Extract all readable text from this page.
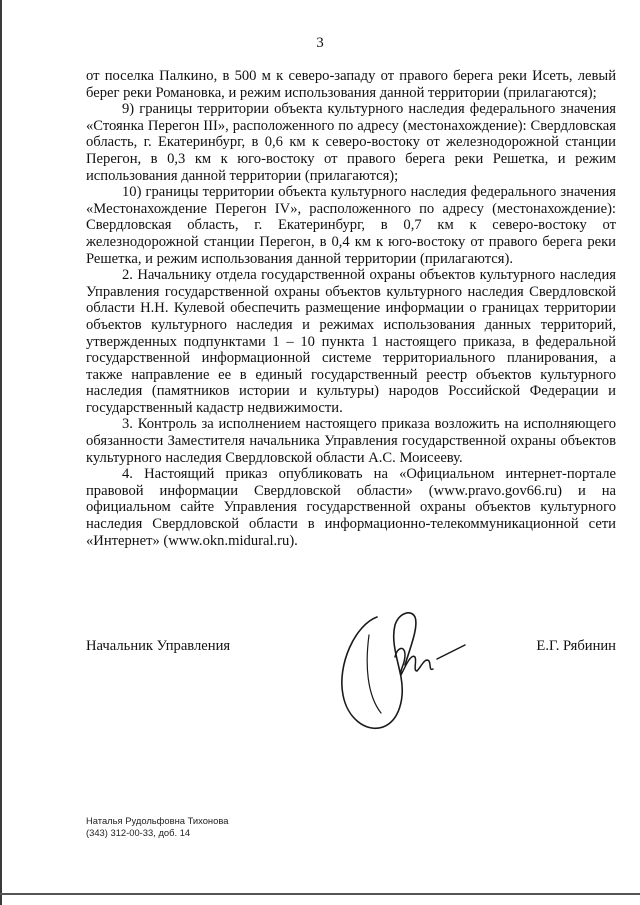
3

от поселка Палкино, в 500 м к северо-западу от правого берега реки Исеть, левый берег реки Романовка, и режим использования данной территории (прилагаются);

9) границы территории объекта культурного наследия федерального значения «Стоянка Перегон III», расположенного по адресу (местонахождение): Свердловская область, г. Екатеринбург, в 0,6 км к северо-востоку от железнодорожной станции Перегон, в 0,3 км к юго-востоку от правого берега реки Решетка, и режим использования данной территории (прилагаются);

10) границы территории объекта культурного наследия федерального значения «Местонахождение Перегон IV», расположенного по адресу (местонахождение): Свердловская область, г. Екатеринбург, в 0,7 км к северо-востоку от железнодорожной станции Перегон, в 0,4 км к юго-востоку от правого берега реки Решетка, и режим использования данной территории (прилагаются).

2. Начальнику отдела государственной охраны объектов культурного наследия Управления государственной охраны объектов культурного наследия Свердловской области Н.Н. Кулевой обеспечить размещение информации о границах территории объектов культурного наследия и режимах использования данных территорий, утвержденных подпунктами 1 – 10 пункта 1 настоящего приказа, в федеральной государственной информационной системе территориального планирования, а также направление ее в единый государственный реестр объектов культурного наследия (памятников истории и культуры) народов Российской Федерации и государственный кадастр недвижимости.

3. Контроль за исполнением настоящего приказа возложить на исполняющего обязанности Заместителя начальника Управления государственной охраны объектов культурного наследия Свердловской области А.С. Моисееву.

4. Настоящий приказ опубликовать на «Официальном интернет-портале правовой информации Свердловской области» (www.pravo.gov66.ru) и на официальном сайте Управления государственной охраны объектов культурного наследия Свердловской области в информационно-телекоммуникационной сети «Интернет» (www.okn.midural.ru).

Начальник Управления	Е.Г. Рябинин
Наталья Рудольфовна Тихонова
(343) 312-00-33, доб. 14
